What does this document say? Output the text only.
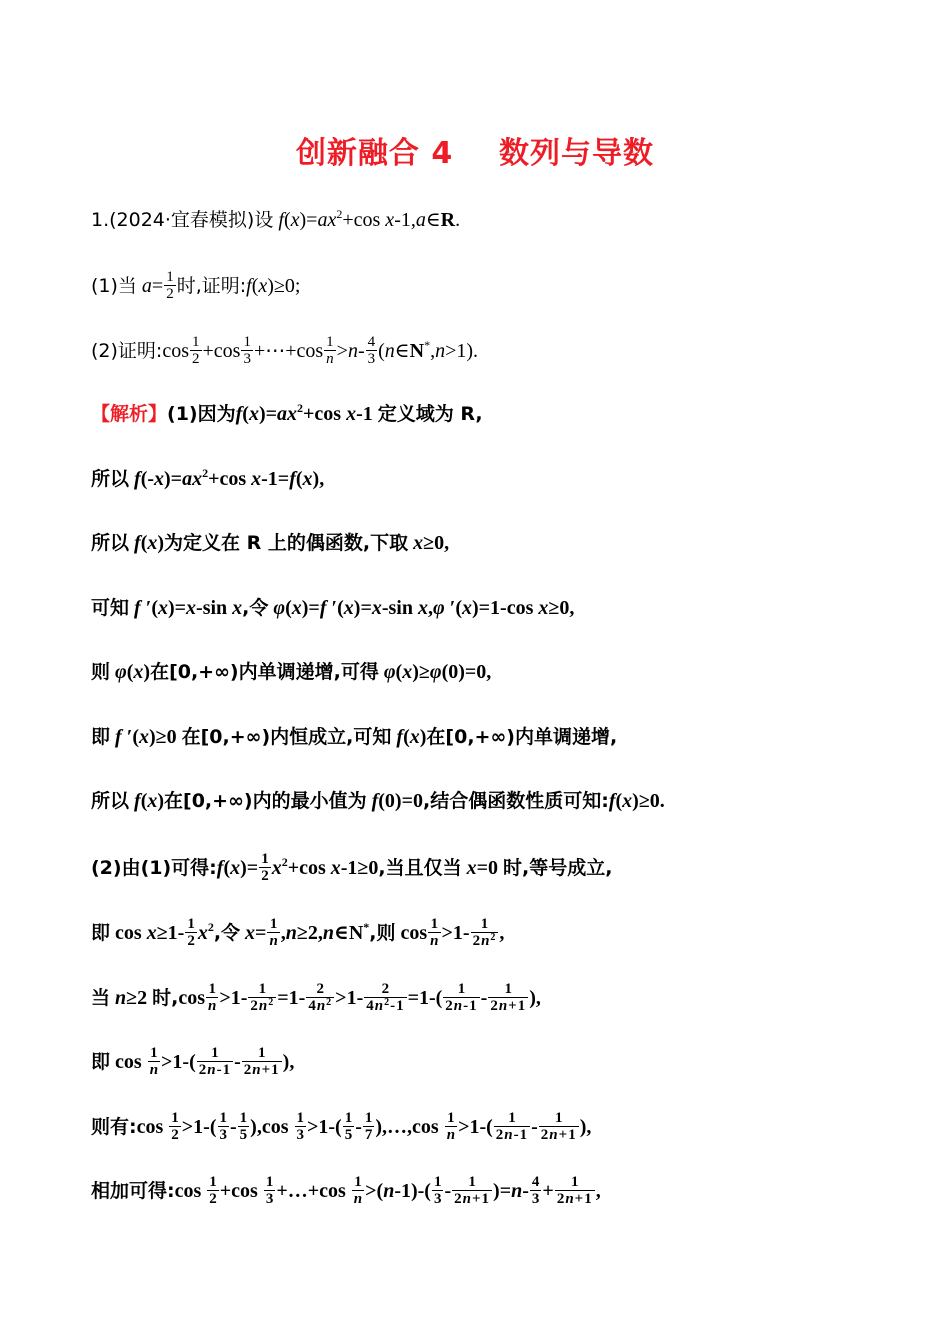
创新融合 4    数列与导数
1.(2024·宜春模拟)设 $f(x)=ax^2+\cos$ x-1,a∈R.
(1)当 $a= \frac{1}{2}$ 时,证明:f(x)≥0;
(2)证明:cos $\frac{1}{2} +\cos \frac{1}{3}$ +⋯+cos $\frac{1}{n} >n- \frac{4}{3}$ (n∈N*,n>1).
【解析】(1)因为$f(x)=ax^2+\cos$ x-1 定义域为 R,
所以 $f(-x)=ax^2+\cos$ x-1=f(x),
所以 f(x)为定义在 R 上的偶函数,下取 x≥0,
可知 f ′(x)=x-sin x,令 φ(x)=f ′(x)=x-sin x,φ ′(x)=1-cos x≥0,
则 φ(x)在[0,+∞)内单调递增,可得 φ(x)≥φ(0)=0,
即 f ′(x)≥0 在[0,+∞)内恒成立,可知 f(x)在[0,+∞)内单调递增,
所以 f(x)在[0,+∞)内的最小值为 f(0)=0,结合偶函数性质可知:f(x)≥0.
(2)由(1)可得:f(x)= $\frac{1}{2} x^2+\cos$ x-1≥0,当且仅当 x=0 时,等号成立,
即 $\cos x\ge 1- \frac{1}{2} x^2$,令 $x= \frac{1}{n}$ ,n≥2,n∈N*,则 $\cos \frac{1}{n} >1- \frac{1}{2n^2}$ ,
当 n≥2 时$,\cos \frac{1}{n} >1- \frac{1}{2n^2} =1- \frac{2}{4n^2} >1- \frac{2}{4n^2-1} =1-( \frac{1}{2n-1} - \frac{1}{2n+1}$ ),
即 $\cos \frac{1}{n} >1-( \frac{1}{2n-1} - \frac{1}{2n+1}$ ),
则有:cos $\frac{1}{2} >1-( \frac{1}{3} - \frac{1}{5} ),\cos \frac{1}{3} >1-( \frac{1}{5} - \frac{1}{7}$ ),…,cos $\frac{1}{n} >1-( \frac{1}{2n-1} - \frac{1}{2n+1}$ ),
相加可得:cos $\frac{1}{2} +\cos \frac{1}{3}$ +…+cos $\frac{1}{n} >(n-1)-( \frac{1}{3} - \frac{1}{2n+1} )=n- \frac{4}{3} + \frac{1}{2n+1}$ ,
